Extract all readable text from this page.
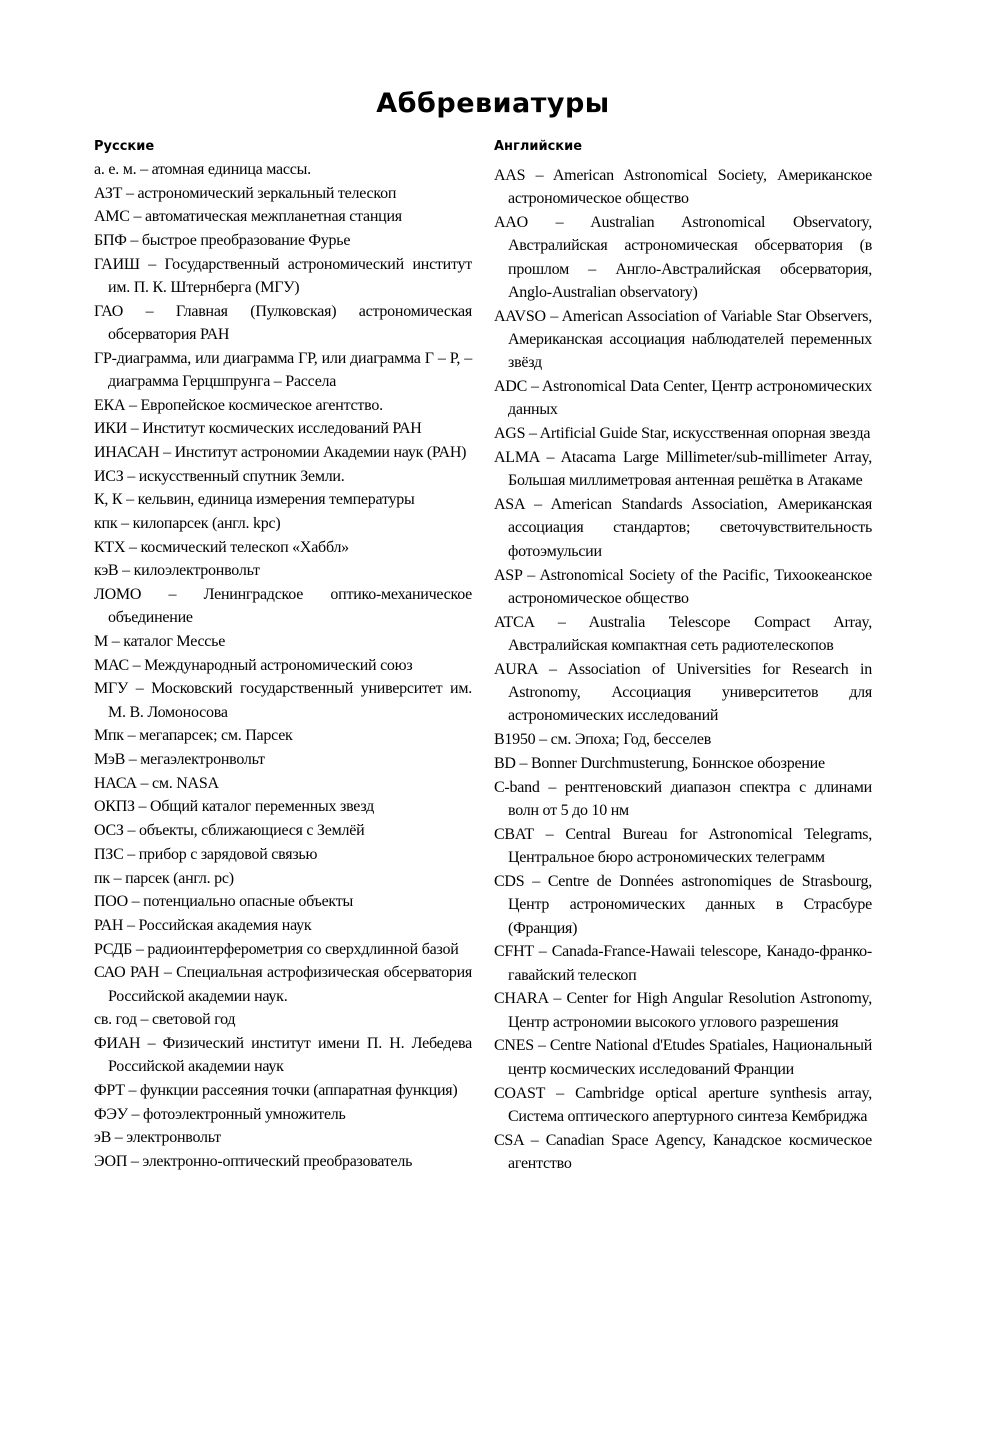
Аббревиатуры
Русские
а. е. м. – атомная единица массы.
АЗТ – астрономический зеркальный телескоп
АМС – автоматическая межпланетная станция
БПФ – быстрое преобразование Фурье
ГАИШ – Государственный астрономический институт им. П. К. Штернберга (МГУ)
ГАО – Главная (Пулковская) астрономическая обсерватория РАН
ГР-диаграмма, или диаграмма ГР, или диаграмма Г – Р, – диаграмма Герцшпрунга – Рассела
ЕКА – Европейское космическое агентство.
ИКИ – Институт космических исследований РАН
ИНАСАН – Институт астрономии Академии наук (РАН)
ИСЗ – искусственный спутник Земли.
К, К – кельвин, единица измерения температуры
кпк – килопарсек (англ. kpc)
КТХ – космический телескоп «Хаббл»
кэВ – килоэлектронвольт
ЛОМО – Ленинградское оптико-механическое объединение
М – каталог Мессье
МАС – Международный астрономический союз
МГУ – Московский государственный университет им. М. В. Ломоносова
Мпк – мегапарсек; см. Парсек
МэВ – мегаэлектронвольт
НАСА – см. NASA
ОКПЗ – Общий каталог переменных звезд
ОСЗ – объекты, сближающиеся с Землёй
ПЗС – прибор с зарядовой связью
пк – парсек (англ. pc)
ПОО – потенциально опасные объекты
РАН – Российская академия наук
РСДБ – радиоинтерферометрия со сверхдлинной базой
САО РАН – Специальная астрофизическая обсерватория Российской академии наук.
св. год – световой год
ФИАН – Физический институт имени П. Н. Лебедева Российской академии наук
ФРТ – функции рассеяния точки (аппаратная функция)
ФЭУ – фотоэлектронный умножитель
эВ – электронвольт
ЭОП – электронно-оптический преобразователь
Английские
AAS – American Astronomical Society, Американское астрономическое общество
AAO – Australian Astronomical Observatory, Австралийская астрономическая обсерватория (в прошлом – Англо-Австралийская обсерватория, Anglo-Australian observatory)
AAVSO – American Association of Variable Star Observers, Американская ассоциация наблюдателей переменных звёзд
ADC – Astronomical Data Center, Центр астрономических данных
AGS – Artificial Guide Star, искусственная опорная звезда
ALMA – Atacama Large Millimeter/sub-millimeter Array, Большая миллиметровая антенная решётка в Атакаме
ASA – American Standards Association, Американская ассоциация стандартов; светочувствительность фотоэмульсии
ASP – Astronomical Society of the Pacific, Тихоокеанское астрономическое общество
ATCA – Australia Telescope Compact Array, Австралийская компактная сеть радиотелескопов
AURA – Association of Universities for Research in Astronomy, Ассоциация университетов для астрономических исследований
B1950 – см. Эпоха; Год, бесселев
BD – Bonner Durchmusterung, Боннское обозрение
C-band – рентгеновский диапазон спектра с длинами волн от 5 до 10 нм
CBAT – Central Bureau for Astronomical Telegrams, Центральное бюро астрономических телеграмм
CDS – Centre de Données astronomiques de Strasbourg, Центр астрономических данных в Страсбуре (Франция)
CFHT – Canada-France-Hawaii telescope, Канадо-франко-гавайский телескоп
CHARA – Center for High Angular Resolution Astronomy, Центр астрономии высокого углового разрешения
CNES – Centre National d'Etudes Spatiales, Национальный центр космических исследований Франции
COAST – Cambridge optical aperture synthesis array, Система оптического апертурного синтеза Кембриджа
CSA – Canadian Space Agency, Канадское космическое агентство
